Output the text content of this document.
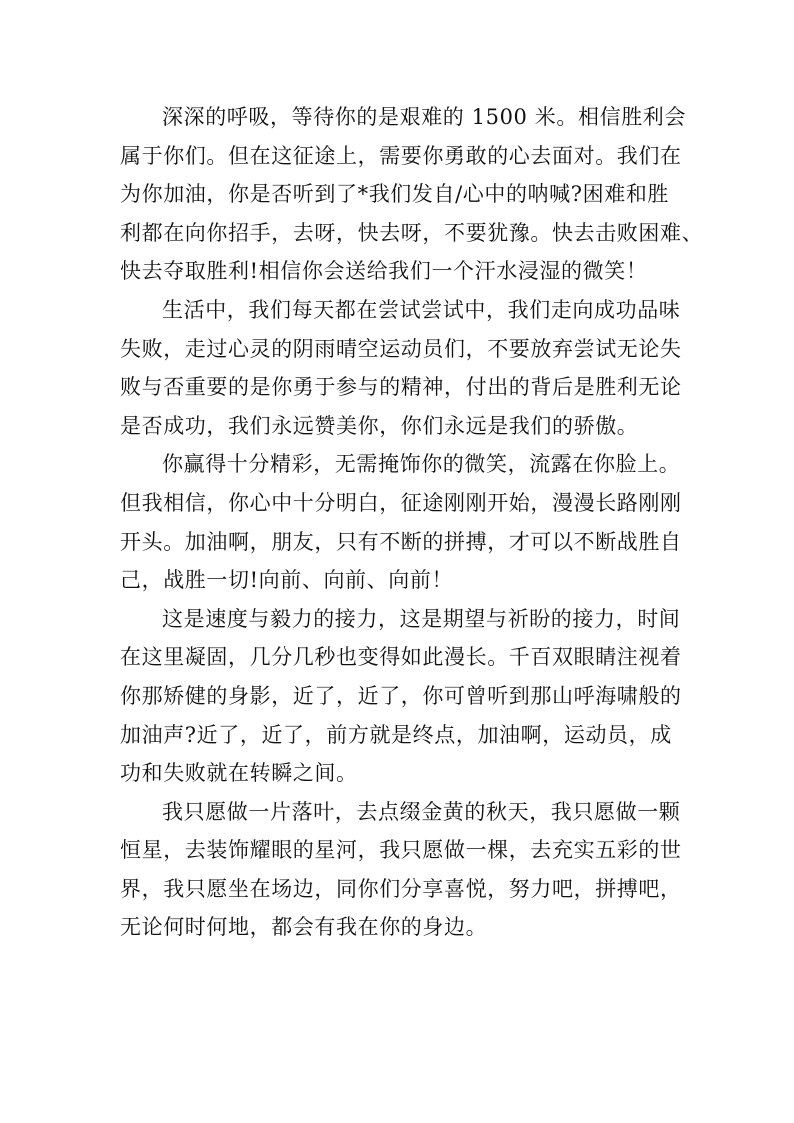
深深的呼吸，等待你的是艰难的 1500 米。相信胜利会
属于你们。但在这征途上，需要你勇敢的心去面对。我们在
为你加油，你是否听到了*我们发自/心中的呐喊?困难和胜
利都在向你招手，去呀，快去呀，不要犹豫。快去击败困难、
快去夺取胜利!相信你会送给我们一个汗水浸湿的微笑！

生活中，我们每天都在尝试尝试中，我们走向成功品味
失败，走过心灵的阴雨晴空运动员们，不要放弃尝试无论失
败与否重要的是你勇于参与的精神，付出的背后是胜利无论
是否成功，我们永远赞美你，你们永远是我们的骄傲。

你赢得十分精彩，无需掩饰你的微笑，流露在你脸上。
但我相信，你心中十分明白，征途刚刚开始，漫漫长路刚刚
开头。加油啊，朋友，只有不断的拼搏，才可以不断战胜自
己，战胜一切!向前、向前、向前！

这是速度与毅力的接力，这是期望与祈盼的接力，时间
在这里凝固，几分几秒也变得如此漫长。千百双眼睛注视着
你那矫健的身影，近了，近了，你可曾听到那山呼海啸般的
加油声?近了，近了，前方就是终点，加油啊，运动员，成
功和失败就在转瞬之间。

我只愿做一片落叶，去点缀金黄的秋天，我只愿做一颗
恒星，去装饰耀眼的星河，我只愿做一棵，去充实五彩的世
界，我只愿坐在场边，同你们分享喜悦，努力吧，拼搏吧，
无论何时何地，都会有我在你的身边。
